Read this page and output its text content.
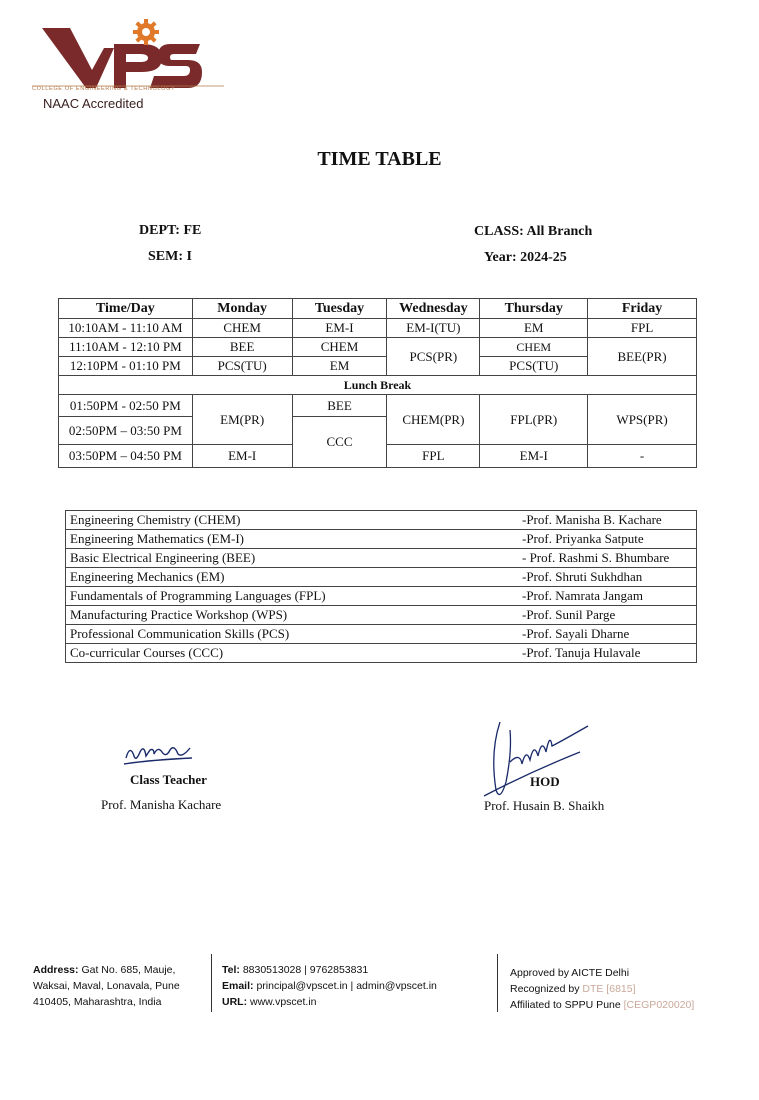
COLLEGE OF ENGINEERING & TECHNOLOGY
NAAC Accredited
TIME TABLE
DEPT: FE
SEM: I
CLASS: All Branch
Year: 2024-25
Time/Day	Monday	Tuesday	Wednesday	Thursday	Friday
10:10AM - 11:10 AM	CHEM	EM-I	EM-I(TU)	EM	FPL
11:10AM - 12:10 PM	BEE	CHEM	PCS(PR)	CHEM	BEE(PR)
12:10PM - 01:10 PM	PCS(TU)	EM		PCS(TU)	
Lunch Break					
01:50PM - 02:50 PM	EM(PR)	BEE	CHEM(PR)	FPL(PR)	WPS(PR)
02:50PM – 03:50 PM		CCC			
03:50PM – 04:50 PM	EM-I		FPL	EM-I	-
Engineering Chemistry (CHEM)	-Prof. Manisha B. Kachare
Engineering Mathematics (EM-I)	-Prof. Priyanka Satpute
Basic Electrical Engineering (BEE)	- Prof. Rashmi S. Bhumbare
Engineering Mechanics (EM)	-Prof. Shruti Sukhdhan
Fundamentals of Programming Languages (FPL)	-Prof. Namrata Jangam
Manufacturing Practice Workshop (WPS)	-Prof. Sunil Parge
Professional Communication Skills (PCS)	-Prof. Sayali Dharne
Co-curricular Courses (CCC)	-Prof. Tanuja Hulavale
Class Teacher
Prof. Manisha Kachare
HOD
Prof. Husain B. Shaikh
Address: Gat No. 685, Mauje,
Waksai, Maval, Lonavala, Pune
410405, Maharashtra, India
Tel: 8830513028 | 9762853831
Email: principal@vpscet.in | admin@vpscet.in
URL: www.vpscet.in
Approved by AICTE Delhi
Recognized by DTE [6815]
Affiliated to SPPU Pune [CEGP020020]
